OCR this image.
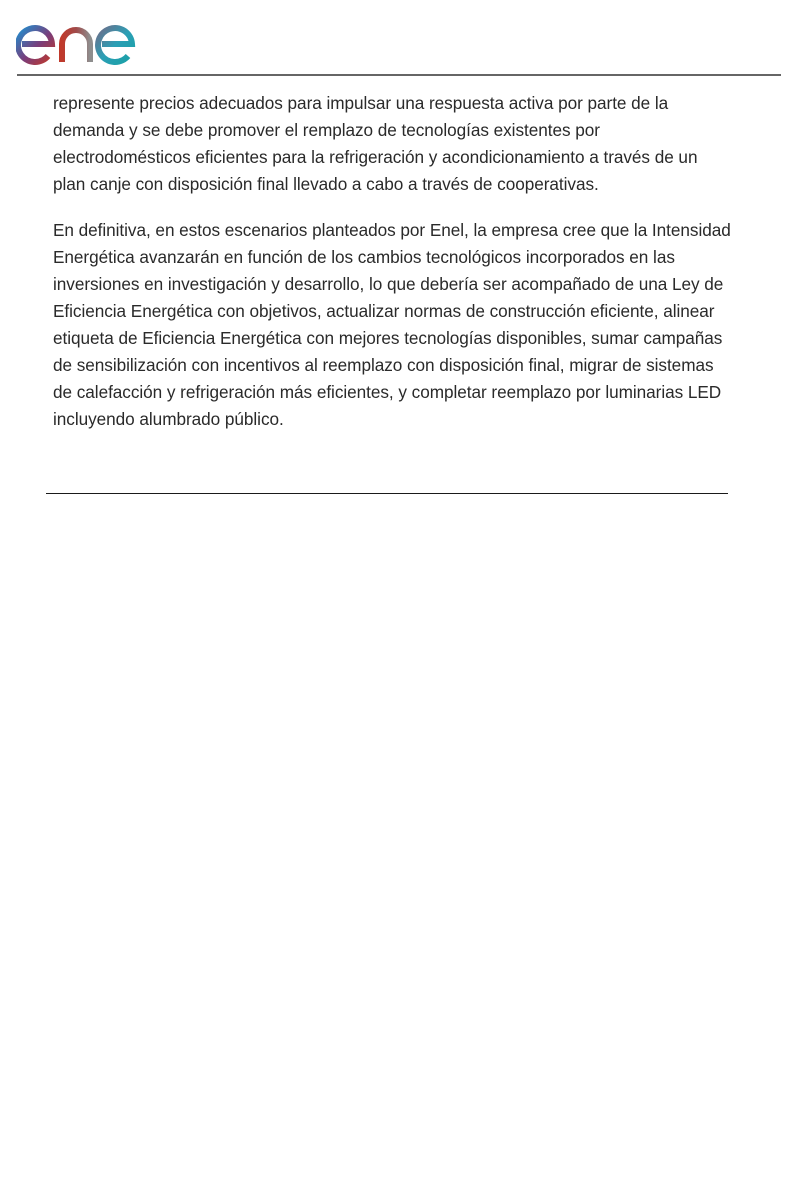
represente precios adecuados para impulsar una respuesta activa por parte de la demanda y se debe promover el remplazo de tecnologías existentes por electrodomésticos eficientes para la refrigeración y acondicionamiento a través de un plan canje con disposición final llevado a cabo a través de cooperativas.

En definitiva, en estos escenarios planteados por Enel, la empresa cree que la Intensidad Energética avanzarán en función de los cambios tecnológicos incorporados en las inversiones en investigación y desarrollo, lo que debería ser acompañado de una Ley de Eficiencia Energética con objetivos, actualizar normas de construcción eficiente, alinear etiqueta de Eficiencia Energética con mejores tecnologías disponibles, sumar campañas de sensibilización con incentivos al reemplazo con disposición final, migrar de sistemas de calefacción y refrigeración más eficientes, y completar reemplazo por luminarias LED incluyendo alumbrado público.
